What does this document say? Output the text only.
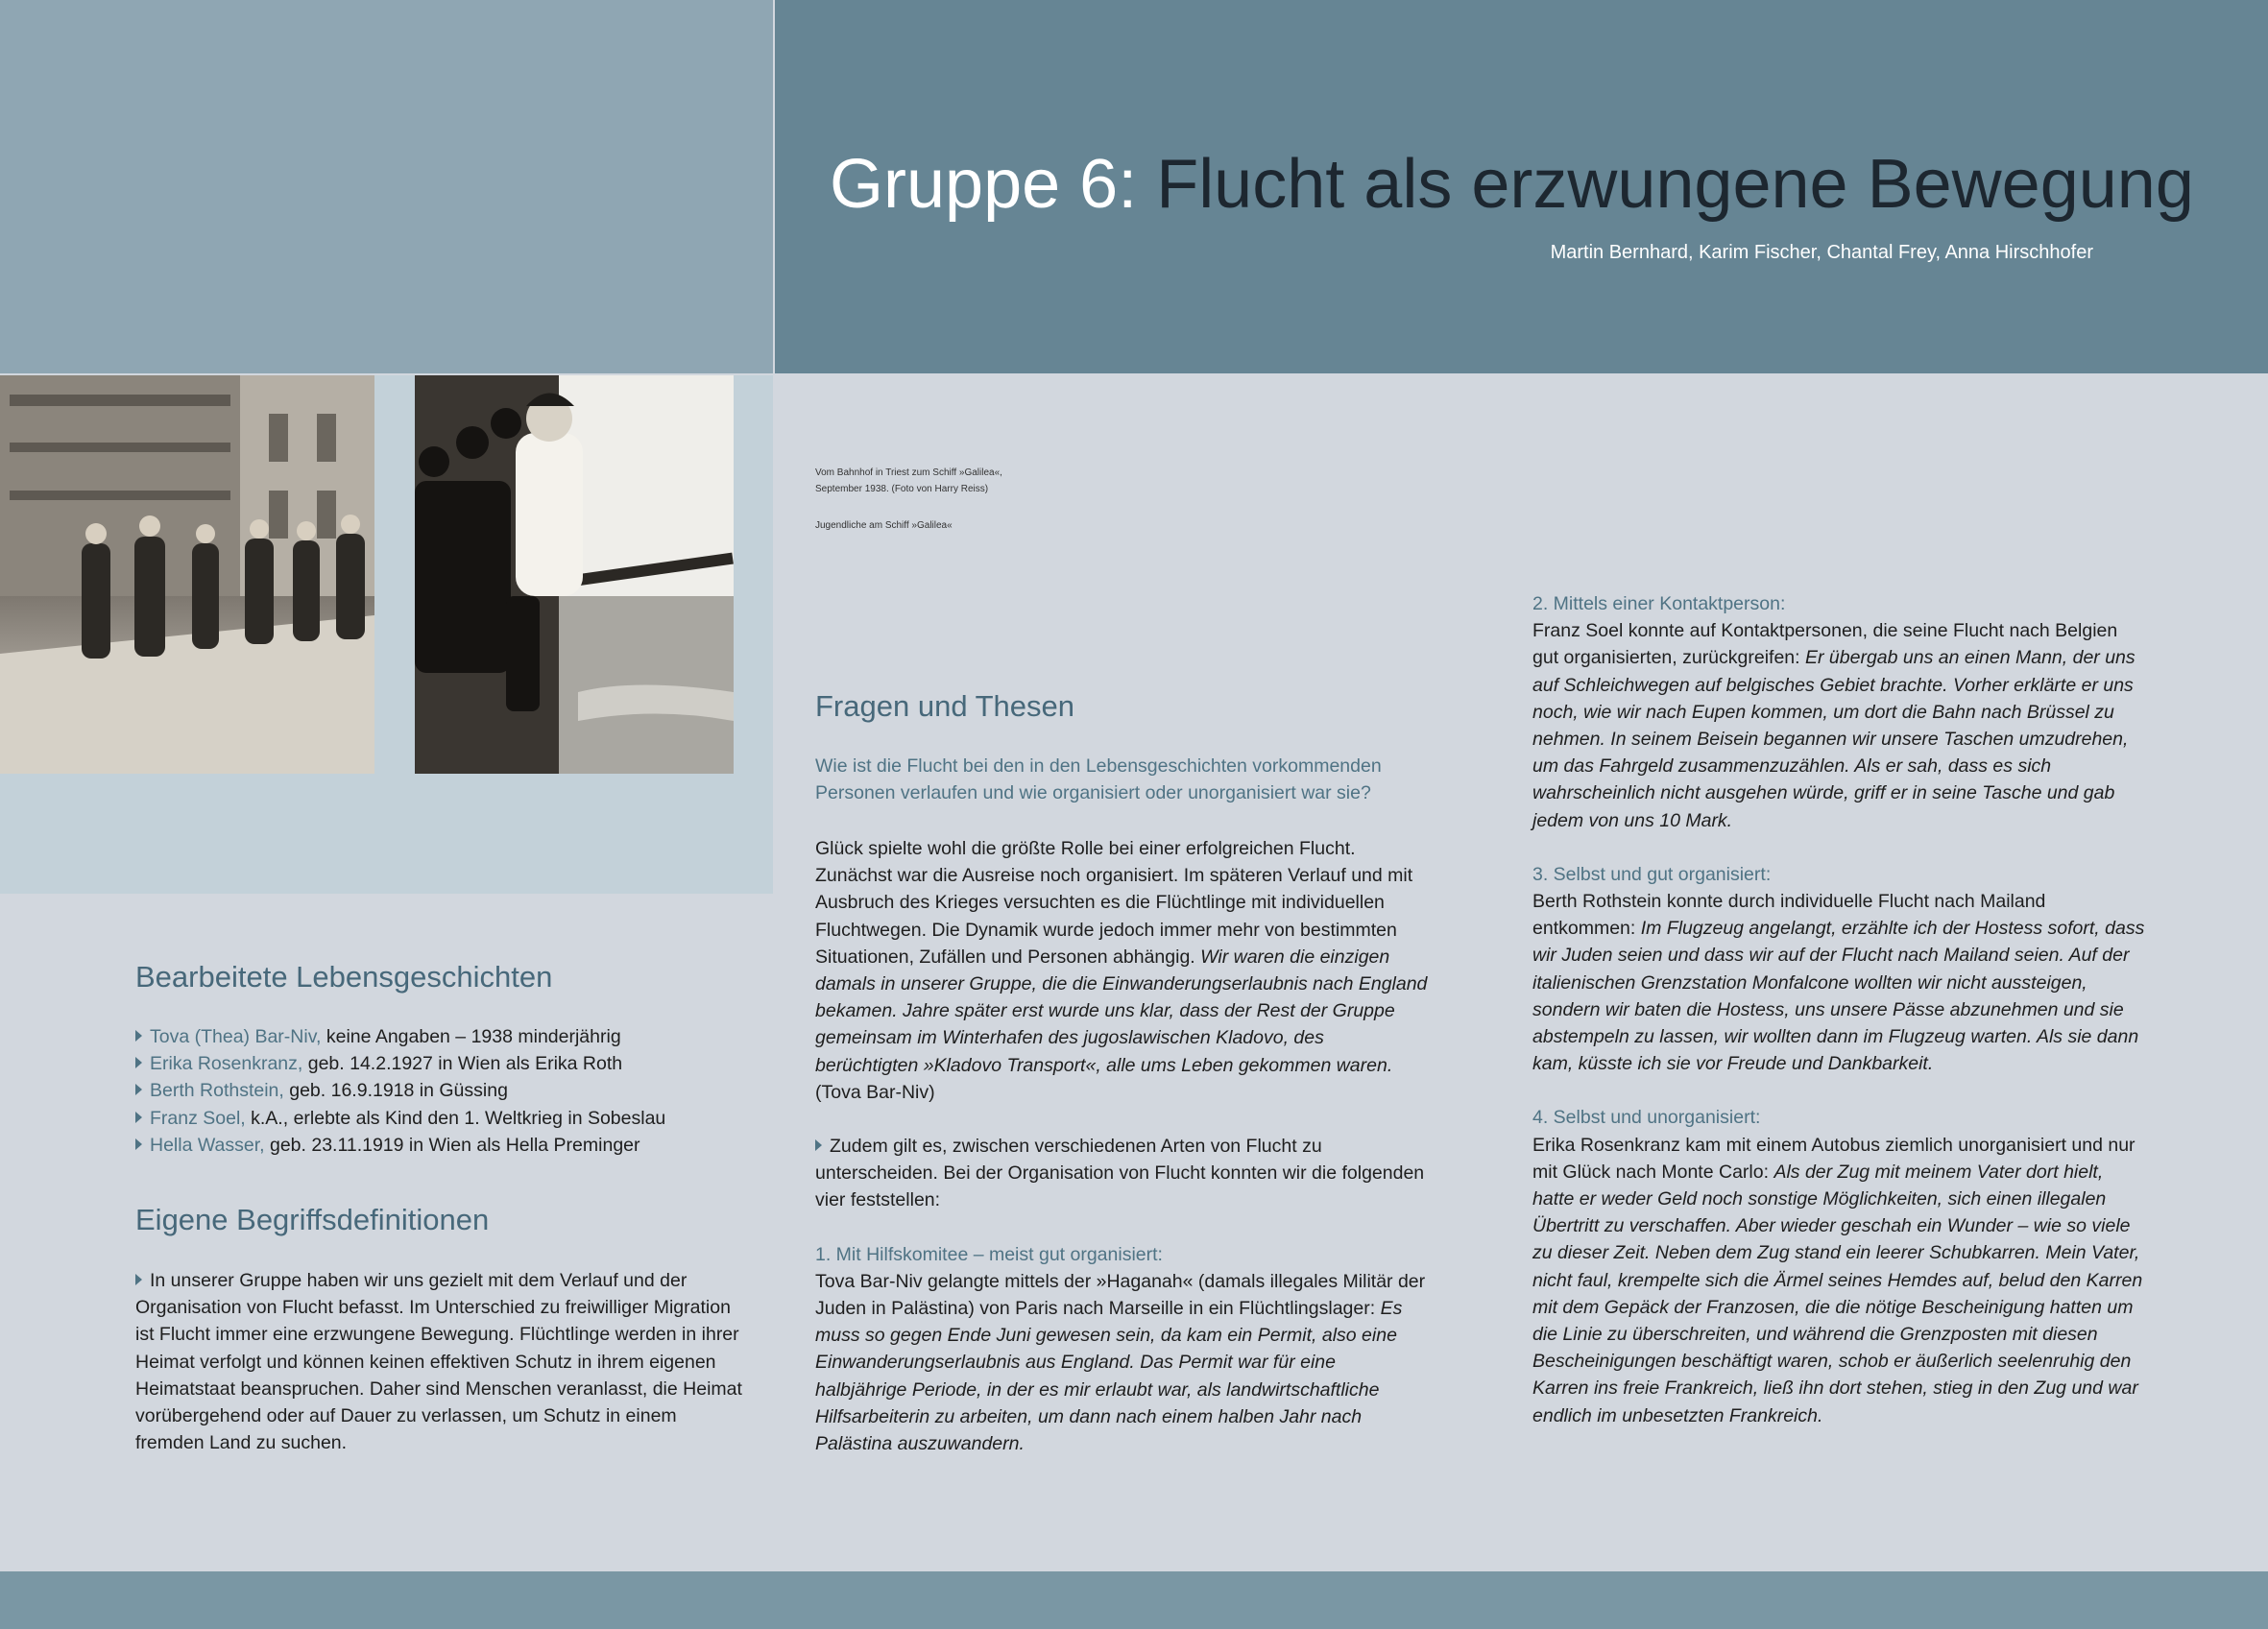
Gruppe 6: Flucht als erzwungene Bewegung
Martin Bernhard, Karim Fischer, Chantal Frey, Anna Hirschhofer
Vom Bahnhof in Triest zum Schiff »Galilea«,
September 1938. (Foto von Harry Reiss)
Jugendliche am Schiff »Galilea«
Bearbeitete Lebensgeschichten
Tova (Thea) Bar-Niv, keine Angaben – 1938 minderjährig
Erika Rosenkranz, geb. 14.2.1927 in Wien als Erika Roth
Berth Rothstein, geb. 16.9.1918 in Güssing
Franz Soel, k.A., erlebte als Kind den 1. Weltkrieg in Sobeslau
Hella Wasser, geb. 23.11.1919 in Wien als Hella Preminger
Eigene Begriffsdefinitionen
In unserer Gruppe haben wir uns gezielt mit dem Verlauf und der Organisation von Flucht befasst. Im Unterschied zu freiwilliger Migration ist Flucht immer eine erzwungene Bewegung. Flüchtlinge werden in ihrer Heimat verfolgt und können keinen effektiven Schutz in ihrem eigenen Heimatstaat beanspruchen. Daher sind Menschen veranlasst, die Heimat vorübergehend oder auf Dauer zu verlassen, um Schutz in einem fremden Land zu suchen.
Fragen und Thesen
Wie ist die Flucht bei den in den Lebensgeschichten vorkommenden Personen verlaufen und wie organisiert oder unorganisiert war sie?

Glück spielte wohl die größte Rolle bei einer erfolgreichen Flucht. Zunächst war die Ausreise noch organisiert. Im späteren Verlauf und mit Ausbruch des Krieges versuchten es die Flüchtlinge mit individuellen Fluchtwegen. Die Dynamik wurde jedoch immer mehr von bestimmten Situationen, Zufällen und Personen abhängig. Wir waren die einzigen damals in unserer Gruppe, die die Einwanderungserlaubnis nach England bekamen. Jahre später erst wurde uns klar, dass der Rest der Gruppe gemeinsam im Winterhafen des jugoslawischen Kladovo, des berüchtigten »Kladovo Transport«, alle ums Leben gekommen waren. (Tova Bar-Niv)

Zudem gilt es, zwischen verschiedenen Arten von Flucht zu unterscheiden. Bei der Organisation von Flucht konnten wir die folgenden vier feststellen:

1. Mit Hilfskomitee – meist gut organisiert:
Tova Bar-Niv gelangte mittels der »Haganah« (damals illegales Militär der Juden in Palästina) von Paris nach Marseille in ein Flüchtlingslager: Es muss so gegen Ende Juni gewesen sein, da kam ein Permit, also eine Einwanderungserlaubnis aus England. Das Permit war für eine halbjährige Periode, in der es mir erlaubt war, als landwirtschaftliche Hilfsarbeiterin zu arbeiten, um dann nach einem halben Jahr nach Palästina auszuwandern.

2. Mittels einer Kontaktperson:
Franz Soel konnte auf Kontaktpersonen, die seine Flucht nach Belgien gut organisierten, zurückgreifen: Er übergab uns an einen Mann, der uns auf Schleichwegen auf belgisches Gebiet brachte. Vorher erklärte er uns noch, wie wir nach Eupen kommen, um dort die Bahn nach Brüssel zu nehmen. In seinem Beisein begannen wir unsere Taschen umzudrehen, um das Fahrgeld zusammenzuzählen. Als er sah, dass es sich wahrscheinlich nicht ausgehen würde, griff er in seine Tasche und gab jedem von uns 10 Mark.

3. Selbst und gut organisiert:
Berth Rothstein konnte durch individuelle Flucht nach Mailand entkommen: Im Flugzeug angelangt, erzählte ich der Hostess sofort, dass wir Juden seien und dass wir auf der Flucht nach Mailand seien. Auf der italienischen Grenzstation Monfalcone wollten wir nicht aussteigen, sondern wir baten die Hostess, uns unsere Pässe abzunehmen und sie abstempeln zu lassen, wir wollten dann im Flugzeug warten. Als sie dann kam, küsste ich sie vor Freude und Dankbarkeit.

4. Selbst und unorganisiert:
Erika Rosenkranz kam mit einem Autobus ziemlich unorganisiert und nur mit Glück nach Monte Carlo: Als der Zug mit meinem Vater dort hielt, hatte er weder Geld noch sonstige Möglichkeiten, sich einen illegalen Übertritt zu verschaffen. Aber wieder geschah ein Wunder – wie so viele zu dieser Zeit. Neben dem Zug stand ein leerer Schubkarren. Mein Vater, nicht faul, krempelte sich die Ärmel seines Hemdes auf, belud den Karren mit dem Gepäck der Franzosen, die die nötige Bescheinigung hatten um die Linie zu überschreiten, und während die Grenzposten mit diesen Bescheinigungen beschäftigt waren, schob er äußerlich seelenruhig den Karren ins freie Frankreich, ließ ihn dort stehen, stieg in den Zug und war endlich im unbesetzten Frankreich.
